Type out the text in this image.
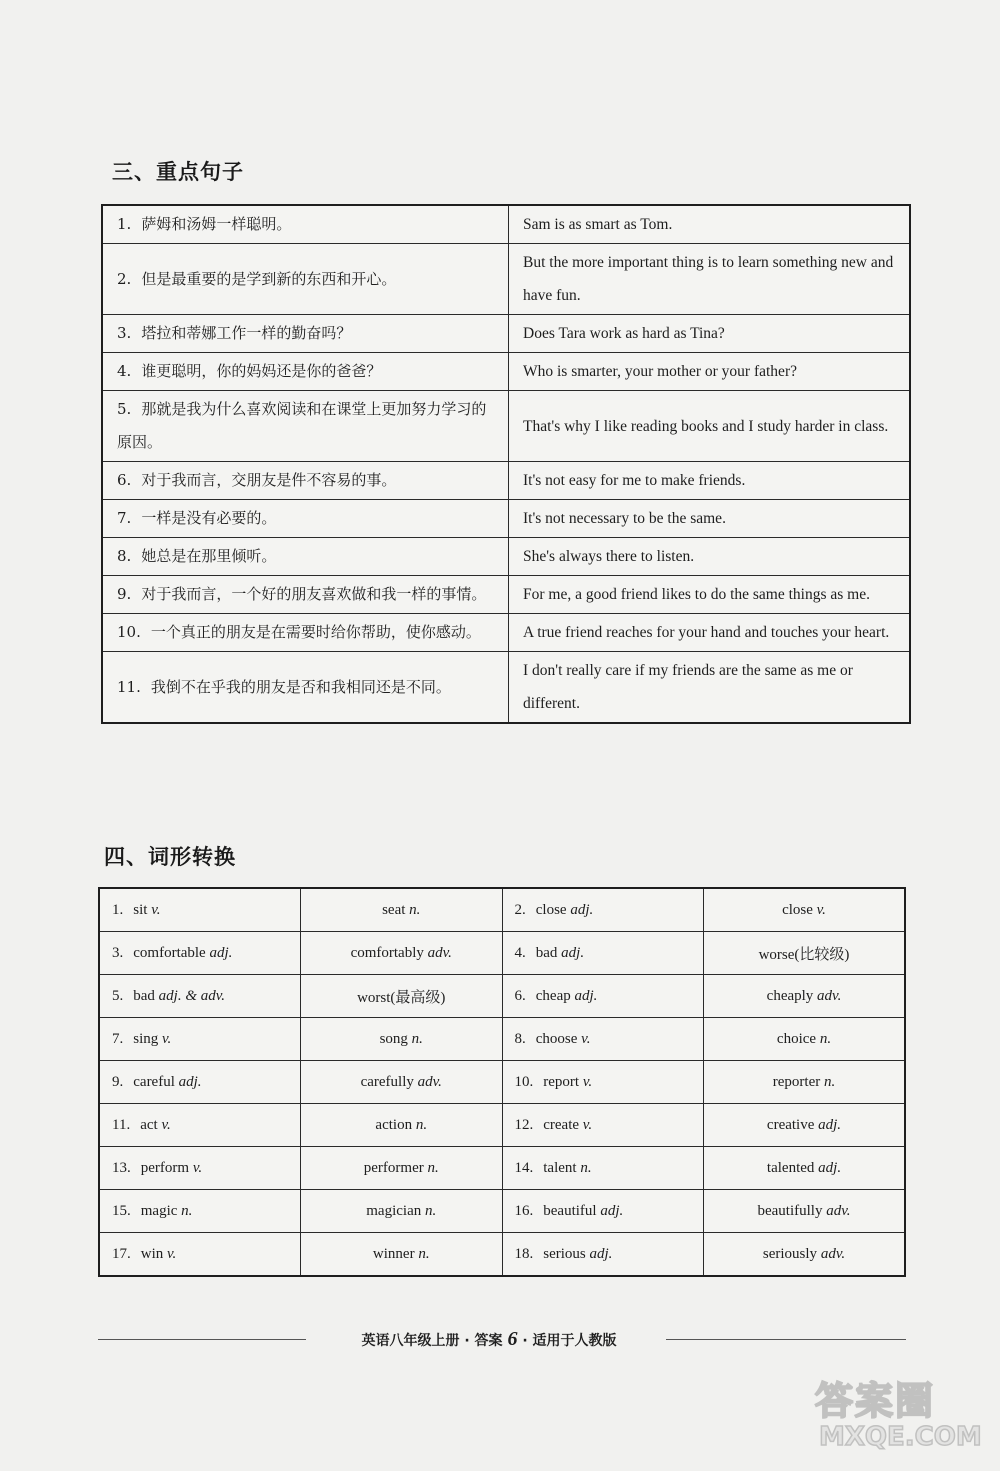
三、重点句子
1. 萨姆和汤姆一样聪明。	Sam is as smart as Tom.
2. 但是最重要的是学到新的东西和开心。	But the more important thing is to learn something new and have fun.
3. 塔拉和蒂娜工作一样的勤奋吗？	Does Tara work as hard as Tina?
4. 谁更聪明，你的妈妈还是你的爸爸？	Who is smarter, your mother or your father?
5. 那就是我为什么喜欢阅读和在课堂上更加努力学习的原因。	That's why I like reading books and I study harder in class.
6. 对于我而言，交朋友是件不容易的事。	It's not easy for me to make friends.
7. 一样是没有必要的。	It's not necessary to be the same.
8. 她总是在那里倾听。	She's always there to listen.
9. 对于我而言，一个好的朋友喜欢做和我一样的事情。	For me, a good friend likes to do the same things as me.
10. 一个真正的朋友是在需要时给你帮助，使你感动。	A true friend reaches for your hand and touches your heart.
11. 我倒不在乎我的朋友是否和我相同还是不同。	I don't really care if my friends are the same as me or different.
四、词形转换
1. sit v.	seat n.	2. close adj.	close v.
3. comfortable adj.	comfortably adv.	4. bad adj.	worse(比较级)
5. bad adj. & adv.	worst(最高级)	6. cheap adj.	cheaply adv.
7. sing v.	song n.	8. choose v.	choice n.
9. careful adj.	carefully adv.	10. report v.	reporter n.
11. act v.	action n.	12. create v.	creative adj.
13. perform v.	performer n.	14. talent n.	talented adj.
15. magic n.	magician n.	16. beautiful adj.	beautifully adv.
17. win v.	winner n.	18. serious adj.	seriously adv.
英语八年级上册 · 答案 6 · 适用于人教版
答案圈
MXQE.COM
